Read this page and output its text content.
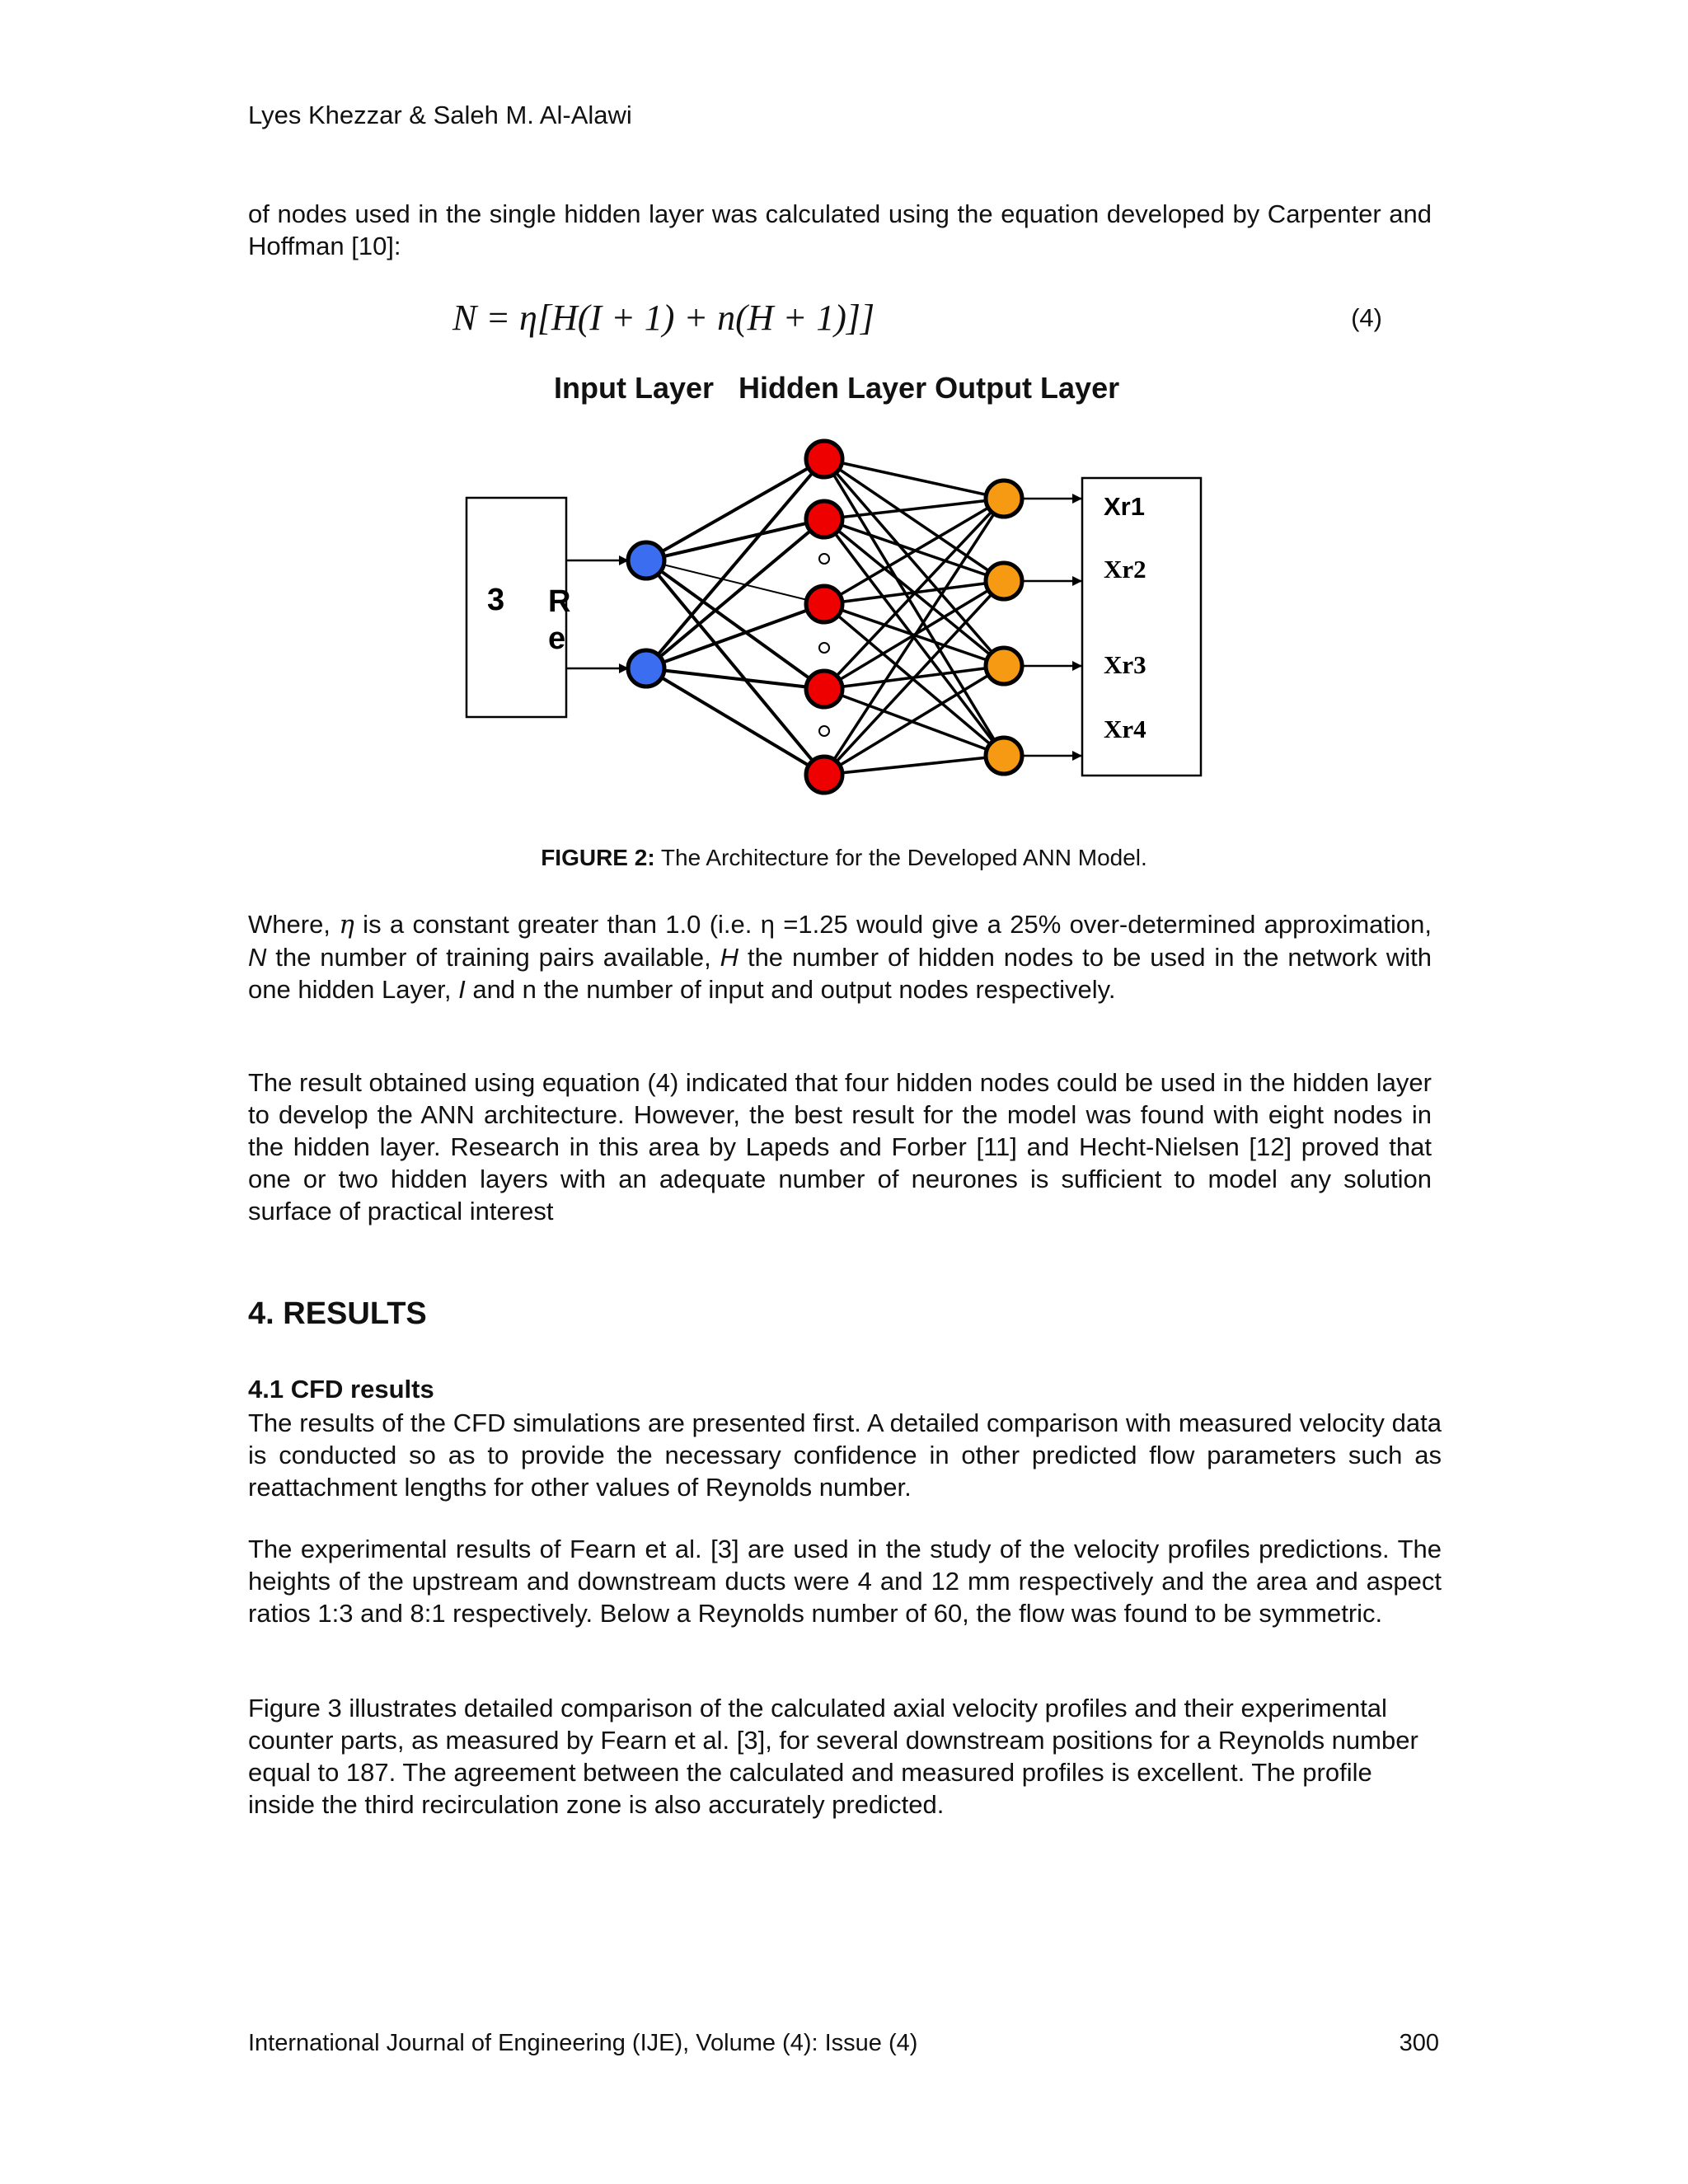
Lyes Khezzar & Saleh M. Al-Alawi

of nodes used in the single hidden layer was calculated using the equation developed by Carpenter and Hoffman [10]:

N = η[H(I + 1) + n(H + 1)]]	(4)
Input Layer   Hidden Layer Output Layer
3 R
e
Xr1
Xr2
Xr3
Xr4
FIGURE 2: The Architecture for the Developed ANN Model.

Where, η is a constant greater than 1.0 (i.e. η =1.25 would give a 25% over-determined approximation, N the number of training pairs available, H the number of hidden nodes to be used in the network with one hidden Layer, I and n the number of input and output nodes respectively.

The result obtained using equation (4) indicated that four hidden nodes could be used in the hidden layer to develop the ANN architecture. However, the best result for the model was found with eight nodes in the hidden layer. Research in this area by Lapeds and Forber [11] and Hecht-Nielsen [12] proved that one or two hidden layers with an adequate number of neurones is sufficient to model any solution surface of practical interest

4. RESULTS
4.1 CFD results

The results of the CFD simulations are presented first. A detailed comparison with measured velocity data is conducted so as to provide the necessary confidence in other predicted flow parameters such as reattachment lengths for other values of Reynolds number.

The experimental results of Fearn et al. [3] are used in the study of the velocity profiles predictions. The heights of the upstream and downstream ducts were 4 and 12 mm respectively and the area and aspect ratios 1:3 and 8:1 respectively. Below a Reynolds number of 60, the flow was found to be symmetric.

Figure 3 illustrates detailed comparison of the calculated axial velocity profiles and their experimental counter parts, as measured by Fearn et al. [3], for several downstream positions for a Reynolds number equal to 187. The agreement between the calculated and measured profiles is excellent. The profile inside the third recirculation zone is also accurately predicted.

International Journal of Engineering (IJE), Volume (4): Issue (4)	300
